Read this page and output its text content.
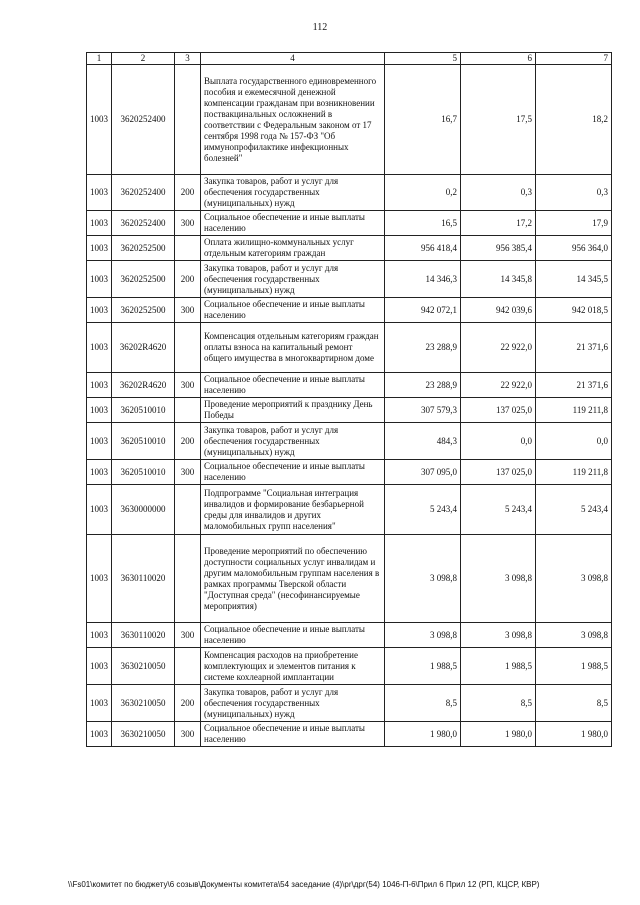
112
1	2	3	4	5	6	7
1003	3620252400		Выплата государственного единовременного пособия и ежемесячной денежной компенсации гражданам при возникновении поствакцинальных осложнений в соответствии с Федеральным законом от 17 сентября 1998 года № 157-ФЗ "Об иммунопрофилактике инфекционных болезней"	16,7	17,5	18,2
1003	3620252400	200	Закупка товаров, работ и услуг для обеспечения государственных (муниципальных) нужд	0,2	0,3	0,3
1003	3620252400	300	Социальное обеспечение и иные выплаты населению	16,5	17,2	17,9
1003	3620252500		Оплата жилищно-коммунальных услуг отдельным категориям граждан	956 418,4	956 385,4	956 364,0
1003	3620252500	200	Закупка товаров, работ и услуг для обеспечения государственных (муниципальных) нужд	14 346,3	14 345,8	14 345,5
1003	3620252500	300	Социальное обеспечение и иные выплаты населению	942 072,1	942 039,6	942 018,5
1003	36202R4620		Компенсация отдельным категориям граждан оплаты взноса на капитальный ремонт общего имущества в многоквартирном доме	23 288,9	22 922,0	21 371,6
1003	36202R4620	300	Социальное обеспечение и иные выплаты населению	23 288,9	22 922,0	21 371,6
1003	3620510010		Проведение мероприятий к празднику День Победы	307 579,3	137 025,0	119 211,8
1003	3620510010	200	Закупка товаров, работ и услуг для обеспечения государственных (муниципальных) нужд	484,3	0,0	0,0
1003	3620510010	300	Социальное обеспечение и иные выплаты населению	307 095,0	137 025,0	119 211,8
1003	3630000000		Подпрограмме "Социальная интеграция инвалидов и формирование безбарьерной среды для инвалидов и других маломобильных групп населения"	5 243,4	5 243,4	5 243,4
1003	3630110020		Проведение мероприятий по обеспечению доступности социальных услуг инвалидам и другим маломобильным группам населения в рамках программы Тверской области "Доступная среда" (несофинансируемые мероприятия)	3 098,8	3 098,8	3 098,8
1003	3630110020	300	Социальное обеспечение и иные выплаты населению	3 098,8	3 098,8	3 098,8
1003	3630210050		Компенсация расходов на приобретение комплектующих и элементов питания к системе кохлеарной имплантации	1 988,5	1 988,5	1 988,5
1003	3630210050	200	Закупка товаров, работ и услуг для обеспечения государственных (муниципальных) нужд	8,5	8,5	8,5
1003	3630210050	300	Социальное обеспечение и иные выплаты населению	1 980,0	1 980,0	1 980,0
\\Fs01\комитет по бюджету\6 созыв\Документы комитета\54 заседание (4)\pr\дрг(54) 1046-П-6\Прил 6 Прил 12 (РП, КЦСР, КВР)
